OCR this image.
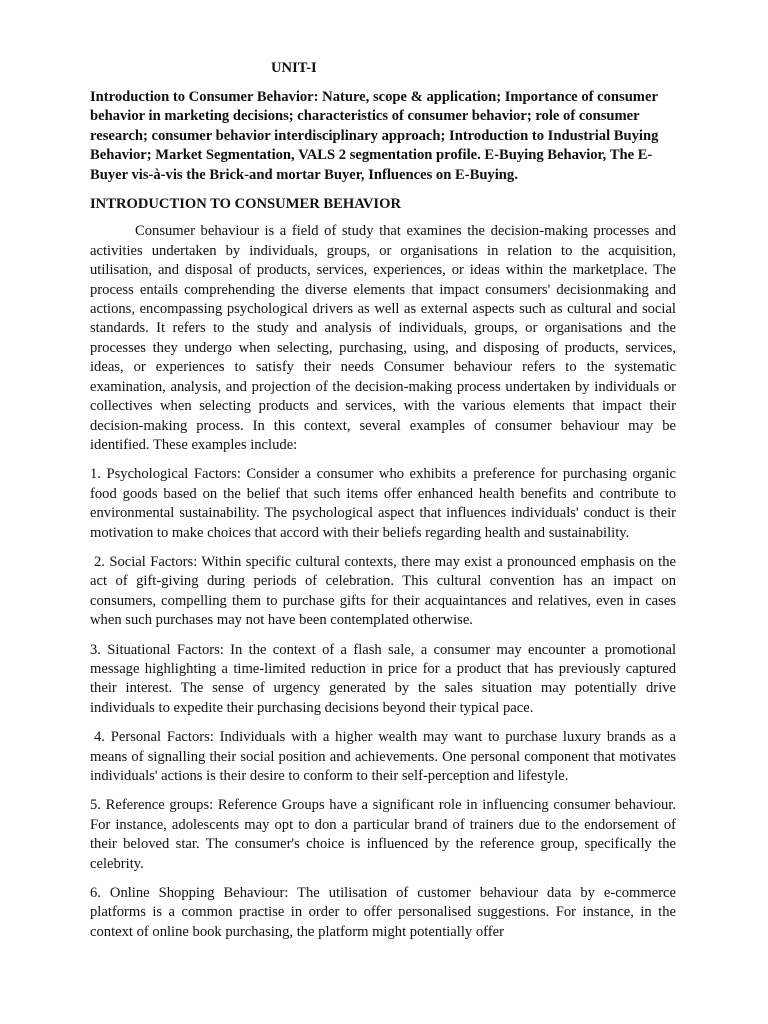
UNIT-I
Introduction to Consumer Behavior: Nature, scope & application; Importance of consumer behavior in marketing decisions; characteristics of consumer behavior; role of consumer research; consumer behavior interdisciplinary approach; Introduction to Industrial Buying Behavior; Market Segmentation, VALS 2 segmentation profile. E-Buying Behavior, The E-Buyer vis-à-vis the Brick-and mortar Buyer, Influences on E-Buying.
INTRODUCTION TO CONSUMER BEHAVIOR

Consumer behaviour is a field of study that examines the decision-making processes and activities undertaken by individuals, groups, or organisations in relation to the acquisition, utilisation, and disposal of products, services, experiences, or ideas within the marketplace. The process entails comprehending the diverse elements that impact consumers' decisionmaking and actions, encompassing psychological drivers as well as external aspects such as cultural and social standards. It refers to the study and analysis of individuals, groups, or organisations and the processes they undergo when selecting, purchasing, using, and disposing of products, services, ideas, or experiences to satisfy their needs Consumer behaviour refers to the systematic examination, analysis, and projection of the decision-making process undertaken by individuals or collectives when selecting products and services, with the various elements that impact their decision-making process. In this context, several examples of consumer behaviour may be identified. These examples include:

1. Psychological Factors: Consider a consumer who exhibits a preference for purchasing organic food goods based on the belief that such items offer enhanced health benefits and contribute to environmental sustainability. The psychological aspect that influences individuals' conduct is their motivation to make choices that accord with their beliefs regarding health and sustainability.

2. Social Factors: Within specific cultural contexts, there may exist a pronounced emphasis on the act of gift-giving during periods of celebration. This cultural convention has an impact on consumers, compelling them to purchase gifts for their acquaintances and relatives, even in cases when such purchases may not have been contemplated otherwise.

3. Situational Factors: In the context of a flash sale, a consumer may encounter a promotional message highlighting a time-limited reduction in price for a product that has previously captured their interest. The sense of urgency generated by the sales situation may potentially drive individuals to expedite their purchasing decisions beyond their typical pace.

4. Personal Factors: Individuals with a higher wealth may want to purchase luxury brands as a means of signalling their social position and achievements. One personal component that motivates individuals' actions is their desire to conform to their self-perception and lifestyle.

5. Reference groups: Reference Groups have a significant role in influencing consumer behaviour. For instance, adolescents may opt to don a particular brand of trainers due to the endorsement of their beloved star. The consumer's choice is influenced by the reference group, specifically the celebrity.

6. Online Shopping Behaviour: The utilisation of customer behaviour data by e-commerce platforms is a common practise in order to offer personalised suggestions. For instance, in the context of online book purchasing, the platform might potentially offer
